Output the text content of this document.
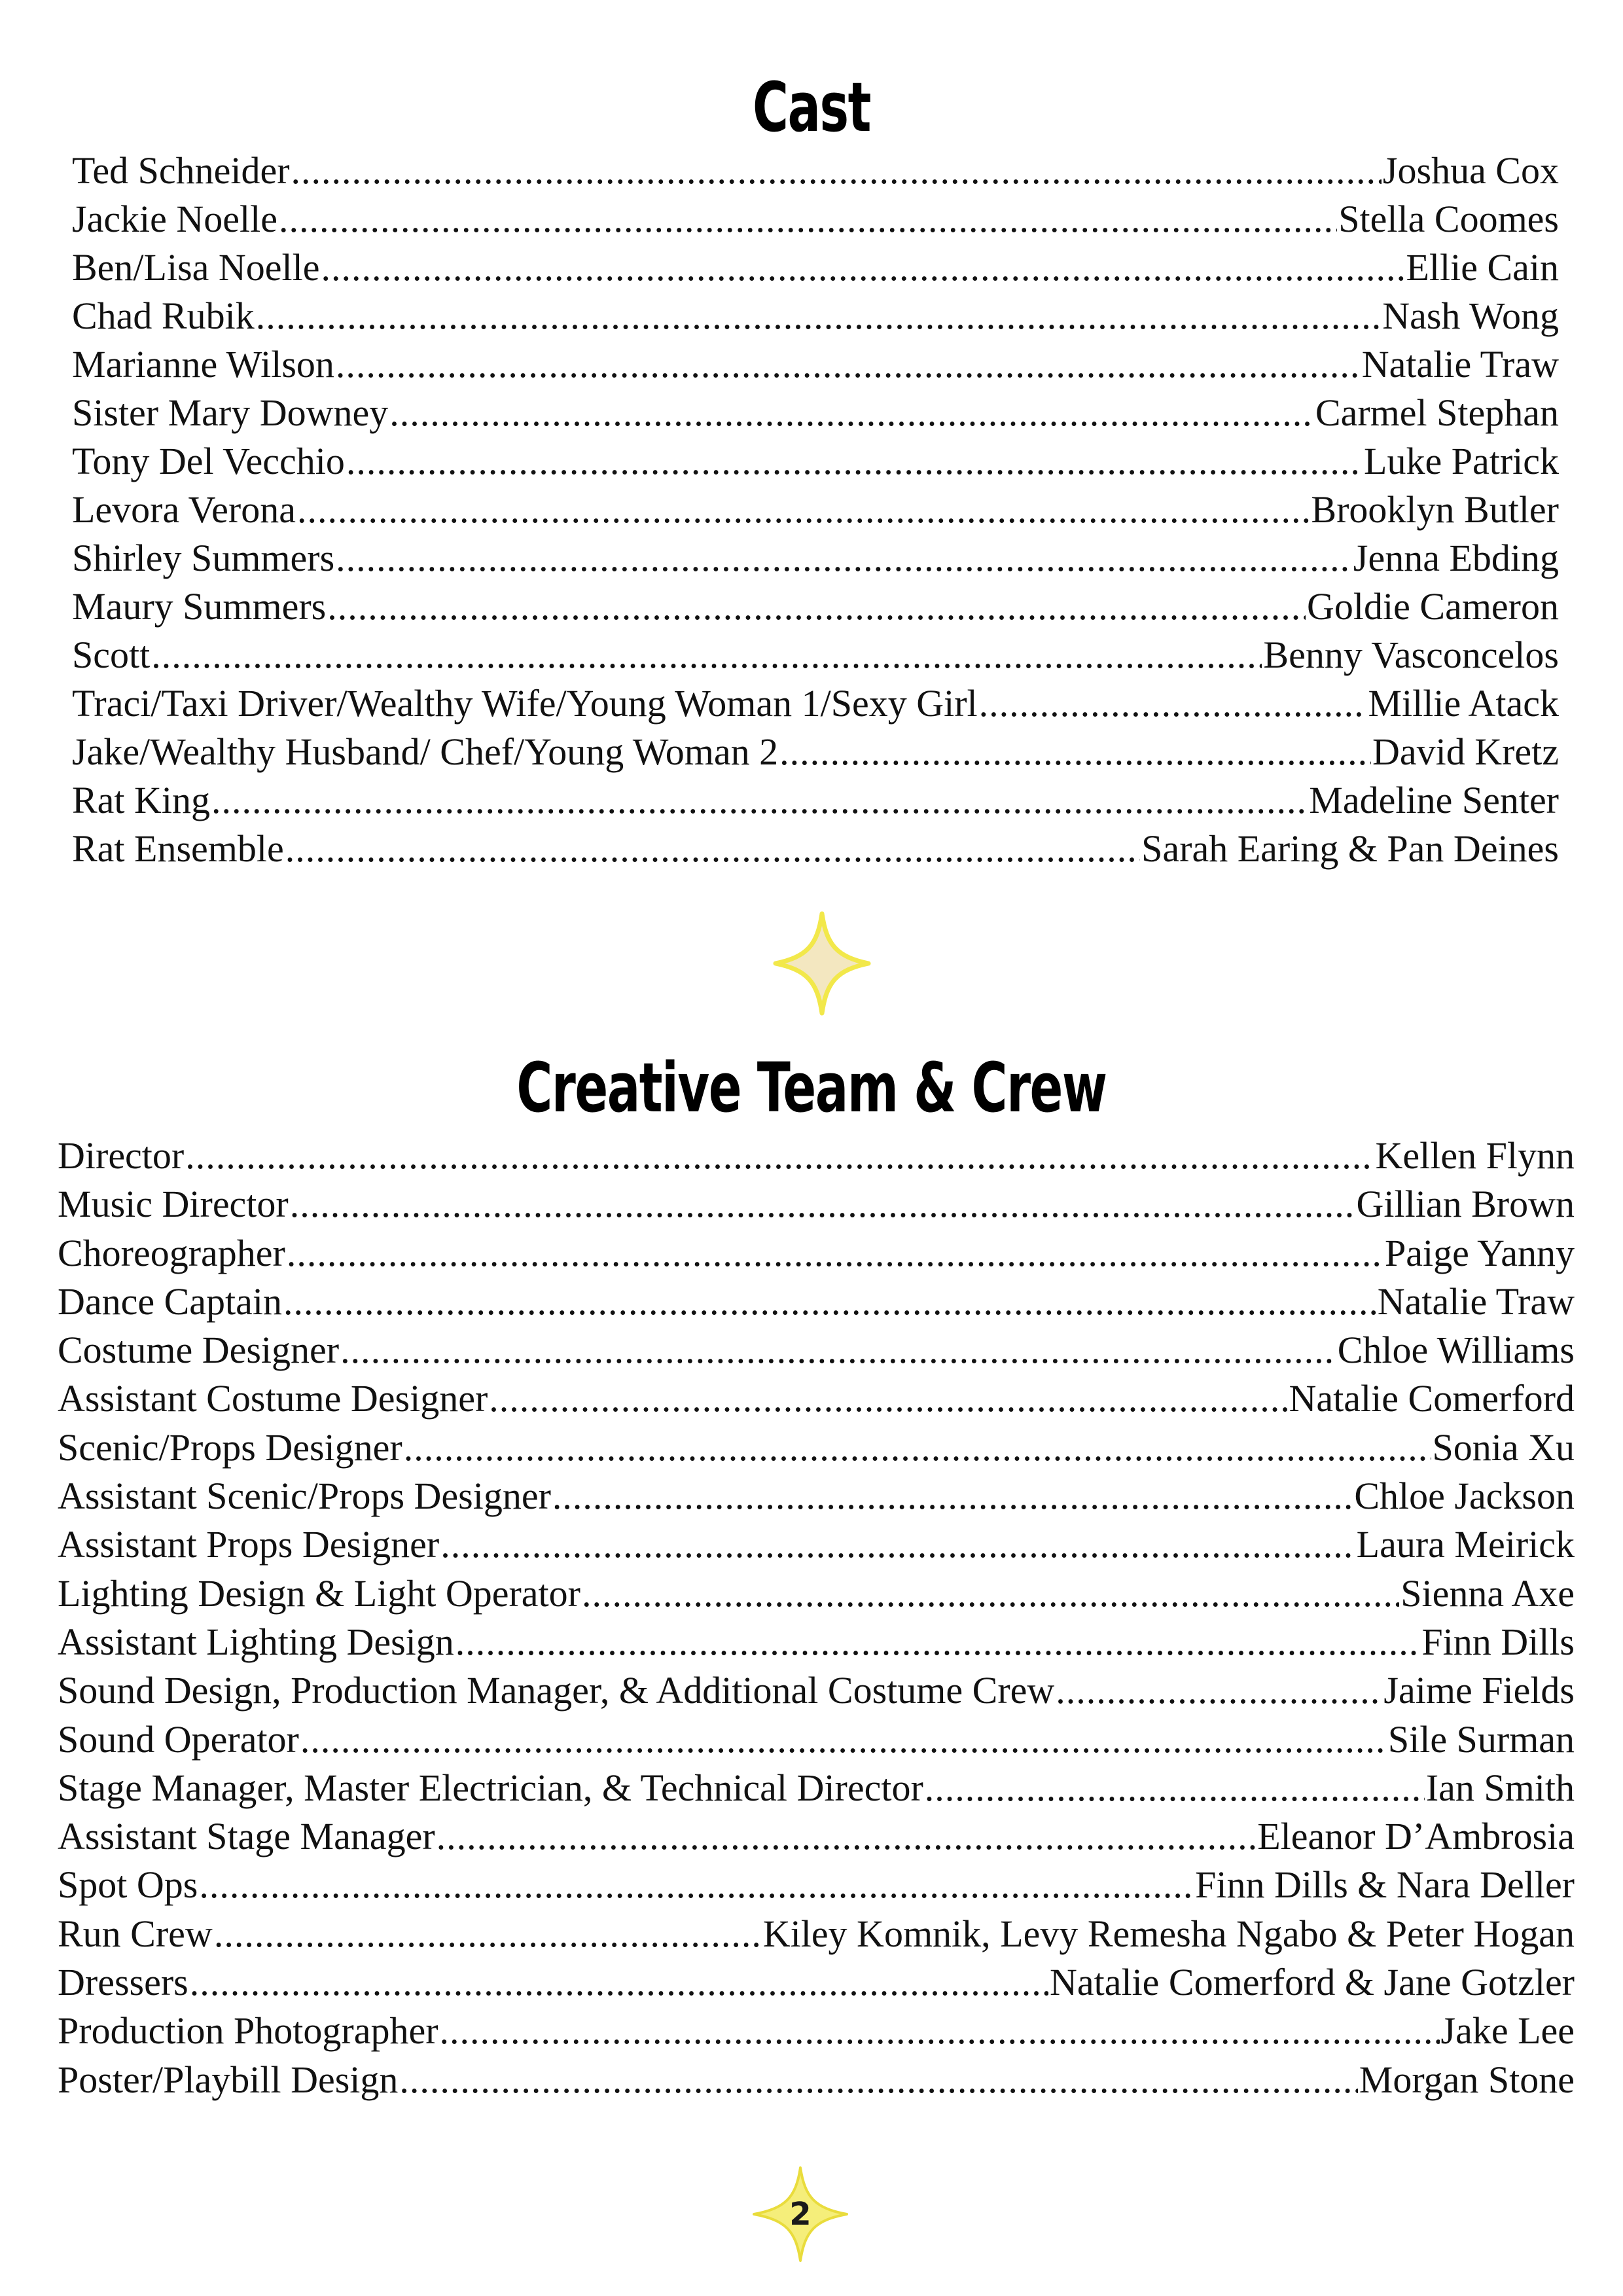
Cast
Ted Schneider .....	Joshua Cox
Jackie Noelle .....	Stella Coomes
Ben/Lisa Noelle .....	Ellie Cain
Chad Rubik .....	Nash Wong
Marianne Wilson .....	Natalie Traw
Sister Mary Downey .....	Carmel Stephan
Tony Del Vecchio .....	Luke Patrick
Levora Verona .....	Brooklyn Butler
Shirley Summers .....	Jenna Ebding
Maury Summers .....	Goldie Cameron
Scott .....	Benny Vasconcelos
Traci/Taxi Driver/Wealthy Wife/Young Woman 1/Sexy Girl .....	Millie Atack
Jake/Wealthy Husband/ Chef/Young Woman 2 .....	David Kretz
Rat King .....	Madeline Senter
Rat Ensemble .....	Sarah Earing & Pan Deines
Creative Team & Crew
Director .....	Kellen Flynn
Music Director .....	Gillian Brown
Choreographer .....	Paige Yanny
Dance Captain .....	Natalie Traw
Costume Designer .....	Chloe Williams
Assistant Costume Designer .....	Natalie Comerford
Scenic/Props Designer .....	Sonia Xu
Assistant Scenic/Props Designer .....	Chloe Jackson
Assistant Props Designer .....	Laura Meirick
Lighting Design & Light Operator .....	Sienna Axe
Assistant Lighting Design .....	Finn Dills
Sound Design, Production Manager, & Additional Costume Crew .....	Jaime Fields
Sound Operator .....	Sile Surman
Stage Manager, Master Electrician, & Technical Director .....	Ian Smith
Assistant Stage Manager .....	Eleanor D’Ambrosia
Spot Ops .....	Finn Dills & Nara Deller
Run Crew .....	Kiley Komnik, Levy Remesha Ngabo & Peter Hogan
Dressers .....	Natalie Comerford & Jane Gotzler
Production Photographer .....	Jake Lee
Poster/Playbill Design .....	Morgan Stone
2
